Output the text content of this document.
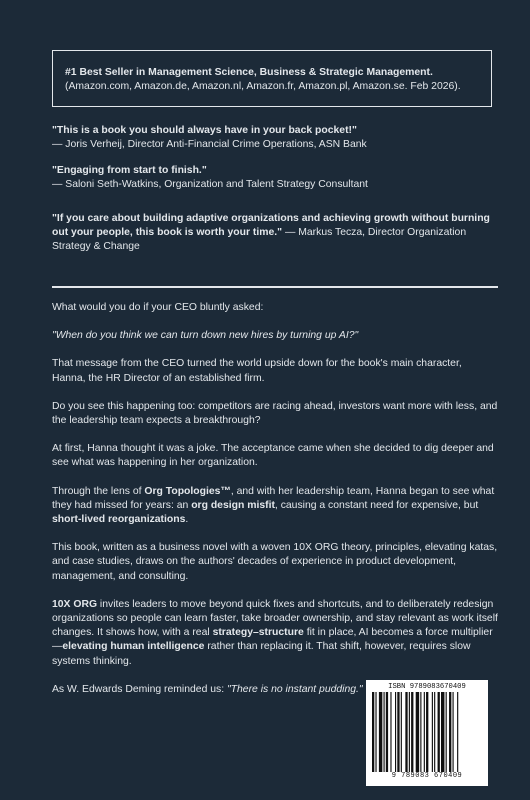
#1 Best Seller in Management Science, Business & Strategic Management.
(Amazon.com, Amazon.de, Amazon.nl, Amazon.fr, Amazon.pl, Amazon.se. Feb 2026).
"This is a book you should always have in your back pocket!"
— Joris Verheij, Director Anti-Financial Crime Operations, ASN Bank
"Engaging from start to finish."
— Saloni Seth-Watkins, Organization and Talent Strategy Consultant
"If you care about building adaptive organizations and achieving growth without burning out your people, this book is worth your time." — Markus Tecza, Director Organization Strategy & Change

What would you do if your CEO bluntly asked:

"When do you think we can turn down new hires by turning up AI?"

That message from the CEO turned the world upside down for the book's main character, Hanna, the HR Director of an established firm.

Do you see this happening too: competitors are racing ahead, investors want more with less, and the leadership team expects a breakthrough?

At first, Hanna thought it was a joke. The acceptance came when she decided to dig deeper and see what was happening in her organization.

Through the lens of Org Topologies™, and with her leadership team, Hanna began to see what they had missed for years: an org design misfit, causing a constant need for expensive, but short-lived reorganizations.

This book, written as a business novel with a woven 10X ORG theory, principles, elevating katas, and case studies, draws on the authors' decades of experience in product development, management, and consulting.

10X ORG invites leaders to move beyond quick fixes and shortcuts, and to deliberately redesign organizations so people can learn faster, take broader ownership, and stay relevant as work itself changes. It shows how, with a real strategy–structure fit in place, AI becomes a force multiplier—elevating human intelligence rather than replacing it. That shift, however, requires slow systems thinking.

As W. Edwards Deming reminded us: "There is no instant pudding."	ISBN 9789083670409
9 789083 670409
